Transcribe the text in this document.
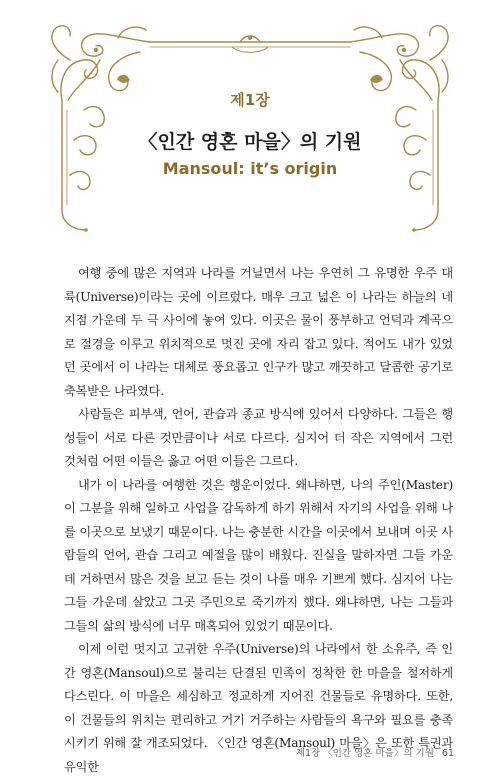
제1장
〈인간 영혼 마을〉의 기원
Mansoul: it’s origin

여행 중에 많은 지역과 나라를 거닐면서 나는 우연히 그 유명한 우주 대륙(Universe)이라는 곳에 이르렀다. 매우 크고 넓은 이 나라는 하늘의 네 지점 가운데 두 극 사이에 놓여 있다. 이곳은 물이 풍부하고 언덕과 계곡으로 절경을 이루고 위치적으로 멋진 곳에 자리 잡고 있다. 적어도 내가 있었던 곳에서 이 나라는 대체로 풍요롭고 인구가 많고 깨끗하고 달콤한 공기로 축복받은 나라였다.

사람들은 피부색, 언어, 관습과 종교 방식에 있어서 다양하다. 그들은 행성들이 서로 다른 것만큼이나 서로 다르다. 심지어 더 작은 지역에서 그런 것처럼 어떤 이들은 옳고 어떤 이들은 그르다.

내가 이 나라를 여행한 것은 행운이었다. 왜냐하면, 나의 주인(Master)이 그분을 위해 일하고 사업을 감독하게 하기 위해서 자기의 사업을 위해 나를 이곳으로 보냈기 때문이다. 나는 충분한 시간을 이곳에서 보내며 이곳 사람들의 언어, 관습 그리고 예절을 많이 배웠다. 진실을 말하자면 그들 가운데 거하면서 많은 것을 보고 듣는 것이 나를 매우 기쁘게 했다. 심지어 나는 그들 가운데 살았고 그곳 주민으로 죽기까지 했다. 왜냐하면, 나는 그들과 그들의 삶의 방식에 너무 매혹되어 있었기 때문이다.

이제 이런 멋지고 고귀한 우주(Universe)의 나라에서 한 소유주, 즉 인간 영혼(Mansoul)으로 불리는 단결된 민족이 정착한 한 마을을 철저하게 다스린다. 이 마을은 세심하고 정교하게 지어진 건물들로 유명하다. 또한, 이 건물들의 위치는 편리하고 거기 거주하는 사람들의 욕구와 필요를 충족시키기 위해 잘 개조되었다. 〈인간 영혼(Mansoul) 마을〉은 또한 특권과 유익한

제1장 〈인간 영혼 마을〉의 기원 61
